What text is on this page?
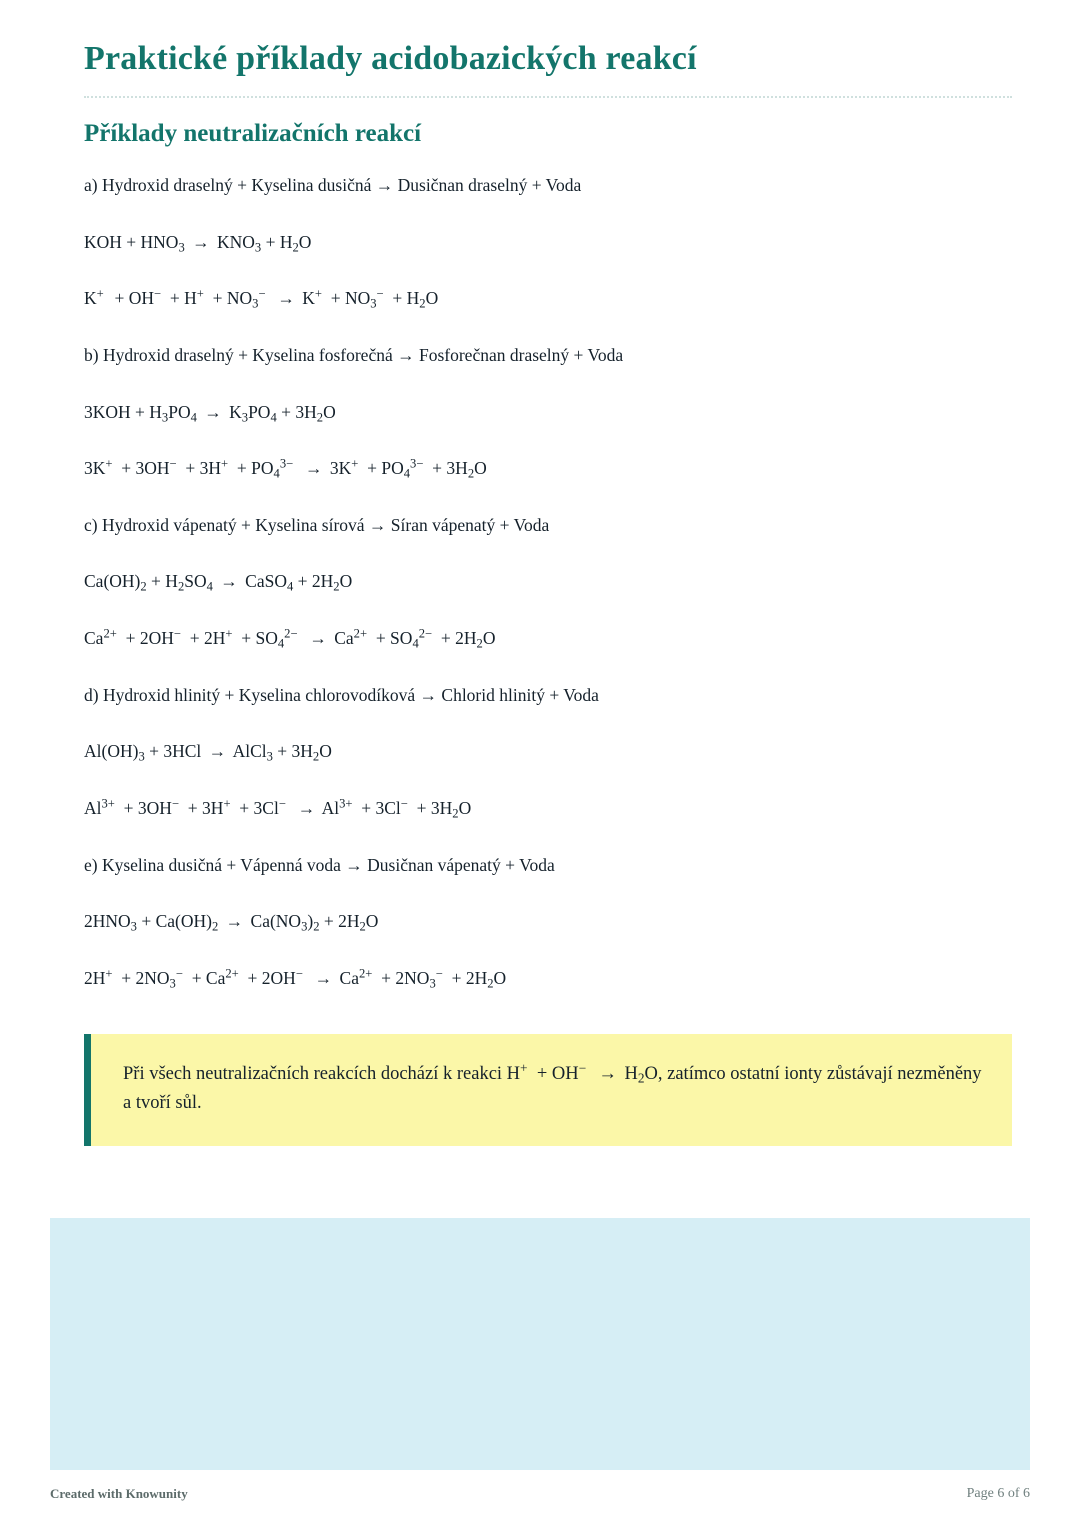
Praktické příklady acidobazických reakcí
Příklady neutralizačních reakcí

a) Hydroxid draselný + Kyselina dusičná → Dusičnan draselný + Voda

KOH + $HNO_3 \to KNO_3 + H_2O$

$K^+ + OH^- + H^+ + NO_3^- \to K^+ + NO_3^- + H_2O$

b) Hydroxid draselný + Kyselina fosforečná → Fosforečnan draselný + Voda

$3KOH + H_3PO_4 \to K_3PO_4 + 3H_2O$

$3K^+ + 3OH^- + 3H^+ + PO_4^{3-} \to 3K^+ + PO_4^{3-} + 3H_2O$

c) Hydroxid vápenatý + Kyselina sírová → Síran vápenatý + Voda

$Ca(OH)_2 + H_2SO_4$ → CaSO$_4$ + $2H_2O$

$Ca^{2+} + 2OH^- + 2H^+ + SO_4^{2-} \to Ca^{2+} + SO_4^{2-} + 2H_2O$

d) Hydroxid hlinitý + Kyselina chlorovodíková → Chlorid hlinitý + Voda

$Al(OH)_3 + 3HCl$ → AlCl$_3$ + $3H_2O$

$Al^{3+} + 3OH^- + 3H^+ + 3Cl^- \to Al^{3+} + 3Cl^- + 3H_2O$

e) Kyselina dusičná + Vápenná voda → Dusičnan vápenatý + Voda

$2HNO_3 + Ca(OH)_2 \to Ca(NO_3)_2 + 2H_2O$

$2H^+ + 2NO_3^- + Ca^{2+} + 2OH^- \to Ca^{2+} + 2NO_3^- + 2H_2O$

Při všech neutralizačních reakcích dochází k reakci $H^+ + OH^- \to H_2O$, zatímco ostatní ionty zůstávají nezměněny a tvoří sůl.

Created with Knowunity	Page 6 of 6
